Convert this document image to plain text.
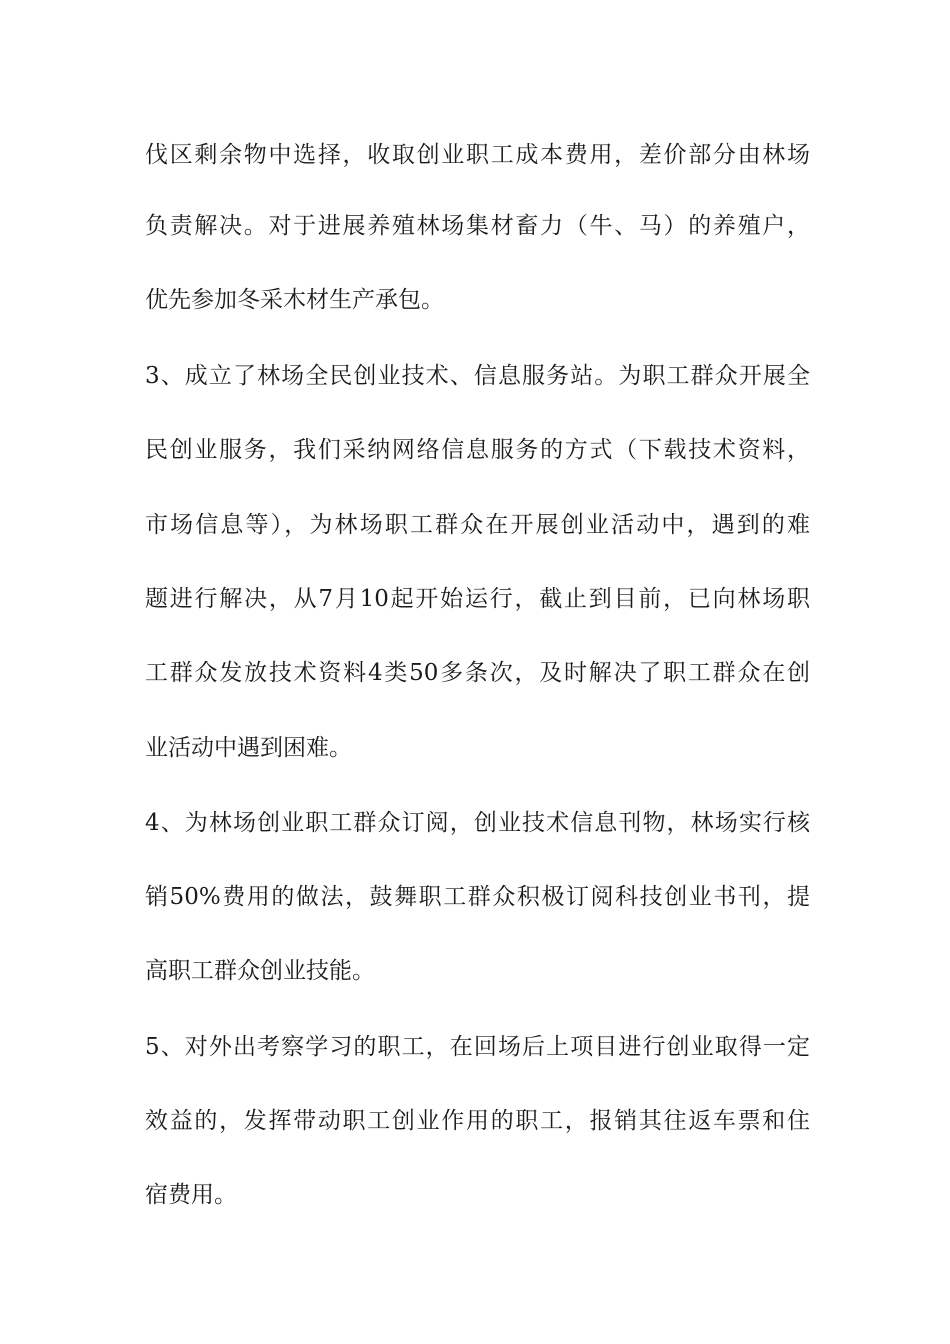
伐区剩余物中选择，收取创业职工成本费用，差价部分由林场
负责解决。对于进展养殖林场集材畜力（牛、马）的养殖户，
优先参加冬采木材生产承包。
3、成立了林场全民创业技术、信息服务站。为职工群众开展全
民创业服务，我们采纳网络信息服务的方式（下载技术资料，
市场信息等），为林场职工群众在开展创业活动中，遇到的难
题进行解决，从7月10起开始运行，截止到目前，已向林场职
工群众发放技术资料4类50多条次，及时解决了职工群众在创
业活动中遇到困难。
4、为林场创业职工群众订阅，创业技术信息刊物，林场实行核
销50%费用的做法，鼓舞职工群众积极订阅科技创业书刊，提
高职工群众创业技能。
5、对外出考察学习的职工，在回场后上项目进行创业取得一定
效益的，发挥带动职工创业作用的职工，报销其往返车票和住
宿费用。
